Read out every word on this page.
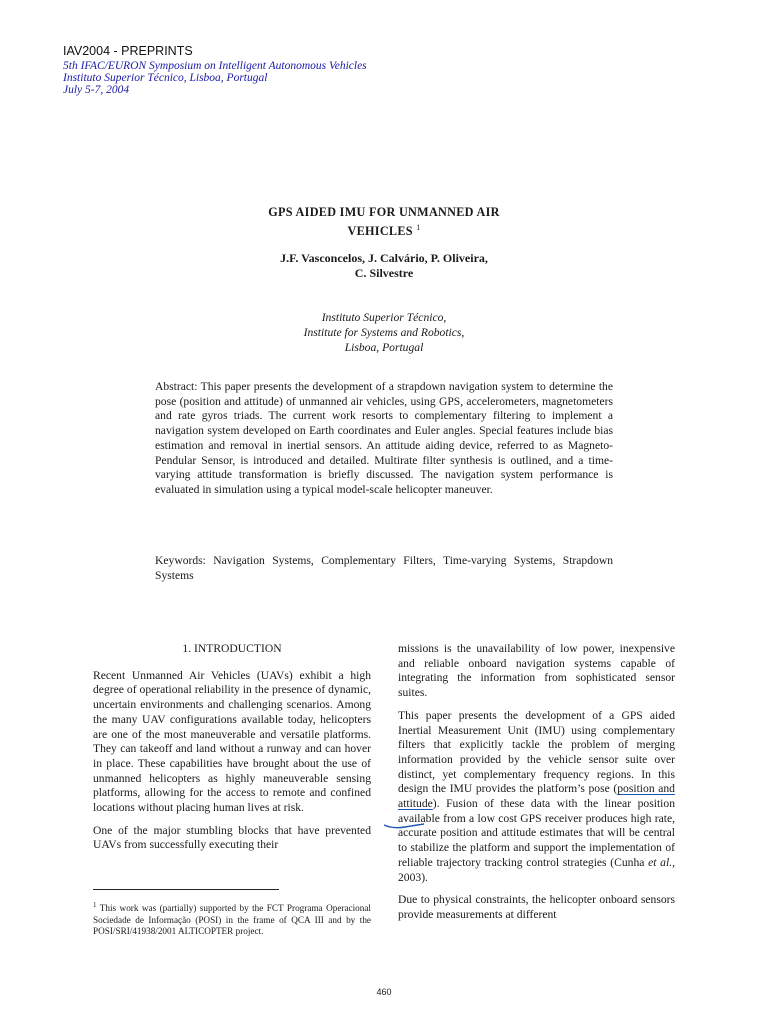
IAV2004 - PREPRINTS
5th IFAC/EURON Symposium on Intelligent Autonomous Vehicles
Instituto Superior Técnico, Lisboa, Portugal
July 5-7, 2004
GPS AIDED IMU FOR UNMANNED AIR
VEHICLES $^1$
J.F. Vasconcelos, J. Calvário, P. Oliveira,
C. Silvestre
Instituto Superior Técnico,
Institute for Systems and Robotics,
Lisboa, Portugal
Abstract: This paper presents the development of a strapdown navigation system to determine the pose (position and attitude) of unmanned air vehicles, using GPS, accelerometers, magnetometers and rate gyros triads. The current work resorts to complementary filtering to implement a navigation system developed on Earth coordinates and Euler angles. Special features include bias estimation and removal in inertial sensors. An attitude aiding device, referred to as Magneto-Pendular Sensor, is introduced and detailed. Multirate filter synthesis is outlined, and a time-varying attitude transformation is briefly discussed. The navigation system performance is evaluated in simulation using a typical model-scale helicopter maneuver.
Keywords: Navigation Systems, Complementary Filters, Time-varying Systems, Strapdown Systems
1. INTRODUCTION

Recent Unmanned Air Vehicles (UAVs) exhibit a high degree of operational reliability in the presence of dynamic, uncertain environments and challenging scenarios. Among the many UAV configurations available today, helicopters are one of the most maneuverable and versatile platforms. They can takeoff and land without a runway and can hover in place. These capabilities have brought about the use of unmanned helicopters as highly maneuverable sensing platforms, allowing for the access to remote and confined locations without placing human lives at risk.

One of the major stumbling blocks that have prevented UAVs from successfully executing their

missions is the unavailability of low power, inexpensive and reliable onboard navigation systems capable of integrating the information from sophisticated sensor suites.

This paper presents the development of a GPS aided Inertial Measurement Unit (IMU) using complementary filters that explicitly tackle the problem of merging information provided by the vehicle sensor suite over distinct, yet complementary frequency regions. In this design the IMU provides the platform’s pose (position and attitude). Fusion of these data with the linear position available from a low cost GPS receiver produces high rate, accurate position and attitude estimates that will be central to stabilize the platform and support the implementation of reliable trajectory tracking control strategies (Cunha et al., 2003).

Due to physical constraints, the helicopter onboard sensors provide measurements at different

$^1$ This work was (partially) supported by the FCT Programa Operacional Sociedade de Informação (POSI) in the frame of QCA III and by the POSI/SRI/41938/2001 ALTICOPTER project.
460
